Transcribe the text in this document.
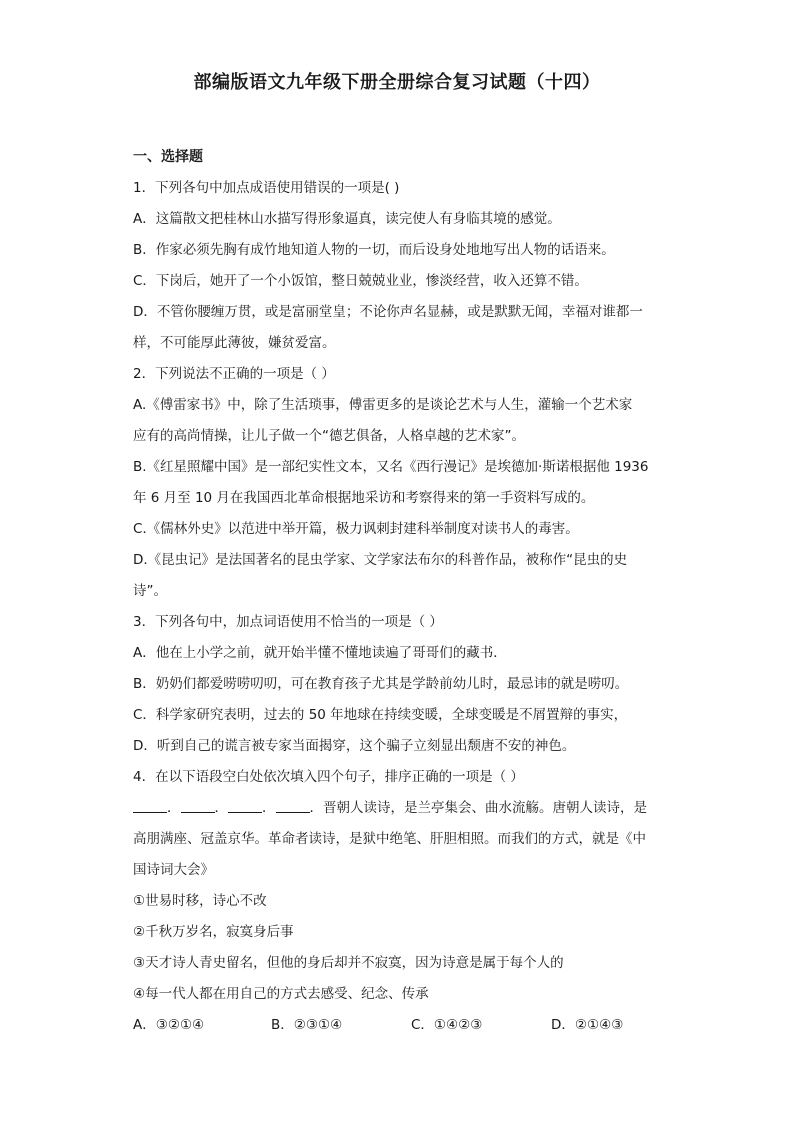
部编版语文九年级下册全册综合复习试题（十四）
一、选择题
1．下列各句中加点成语使用错误的一项是( )
A．这篇散文把桂林山水描写得形象逼真，读完使人有身临其境的感觉。
B．作家必须先胸有成竹地知道人物的一切，而后设身处地地写出人物的话语来。
C．下岗后，她开了一个小饭馆，整日兢兢业业，惨淡经营，收入还算不错。
D．不管你腰缠万贯，或是富丽堂皇；不论你声名显赫，或是默默无闻，幸福对谁都一
样，不可能厚此薄彼，嫌贫爱富。
2．下列说法不正确的一项是（ ）
A.《傅雷家书》中，除了生活琐事，傅雷更多的是谈论艺术与人生，灌输一个艺术家
应有的高尚情操，让儿子做一个“德艺俱备，人格卓越的艺术家”。
B.《红星照耀中国》是一部纪实性文本，又名《西行漫记》是埃德加·斯诺根据他 1936
年 6 月至 10 月在我国西北革命根据地采访和考察得来的第一手资料写成的。
C.《儒林外史》以范进中举开篇，极力讽刺封建科举制度对读书人的毒害。
D.《昆虫记》是法国著名的昆虫学家、文学家法布尔的科普作品，被称作“昆虫的史
诗”。
3．下列各句中，加点词语使用不恰当的一项是（ ）
A．他在上小学之前，就开始半懂不懂地读遍了哥哥们的藏书．
B．奶奶们都爱唠唠叨叨，可在教育孩子尤其是学龄前幼儿时，最忌讳的就是唠叨。
C．科学家研究表明，过去的 50 年地球在持续变暖，全球变暖是不屑置辩的事实，
D．听到自己的谎言被专家当面揭穿，这个骗子立刻显出颓唐不安的神色。
4．在以下语段空白处依次填入四个句子，排序正确的一项是（ ）
．	．	．	．晋朝人读诗，是兰亭集会、曲水流觞。唐朝人读诗，是
高朋满座、冠盖京华。革命者读诗，是狱中绝笔、肝胆相照。而我们的方式，就是《中
国诗词大会》
①世易时移，诗心不改
②千秋万岁名，寂寞身后事
③天才诗人青史留名，但他的身后却并不寂寞，因为诗意是属于每个人的
④每一代人都在用自己的方式去感受、纪念、传承
A．③②①④	B．②③①④	C．①④②③	D．②①④③
